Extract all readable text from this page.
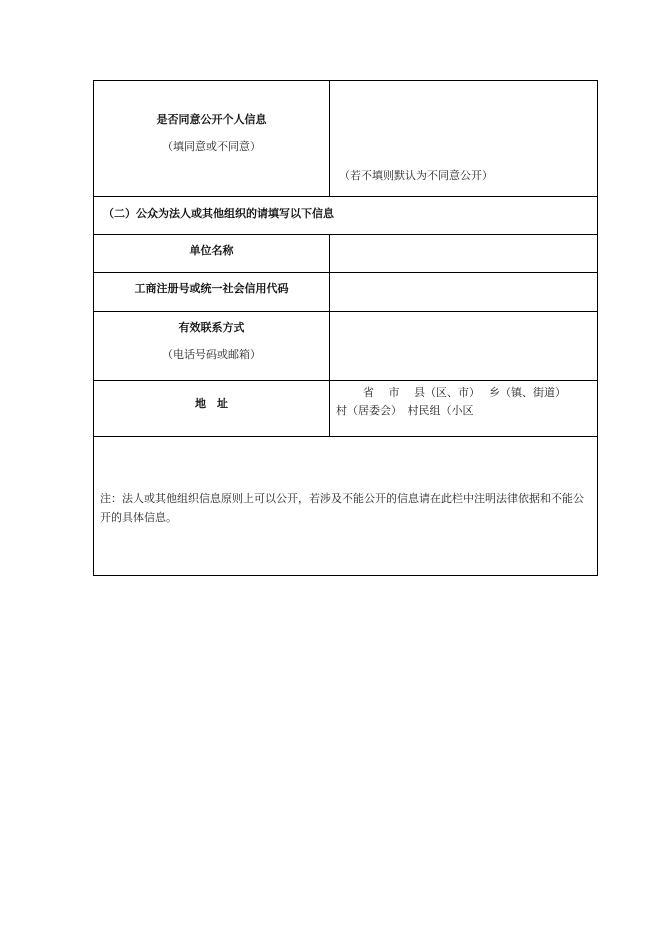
是否同意公开个人信息
（填同意或不同意）
（若不填则默认为不同意公开）
（二）公众为法人或其他组织的请填写以下信息
单位名称
工商注册号或统一社会信用代码
有效联系方式
（电话号码或邮箱）
地　址
省　 市　 县（区、市）　 乡（镇、街道）
村（居委会）　村民组（小区
注：法人或其他组织信息原则上可以公开，若涉及不能公开的信息请在此栏中注明法律依据和不能公开的具体信息。
